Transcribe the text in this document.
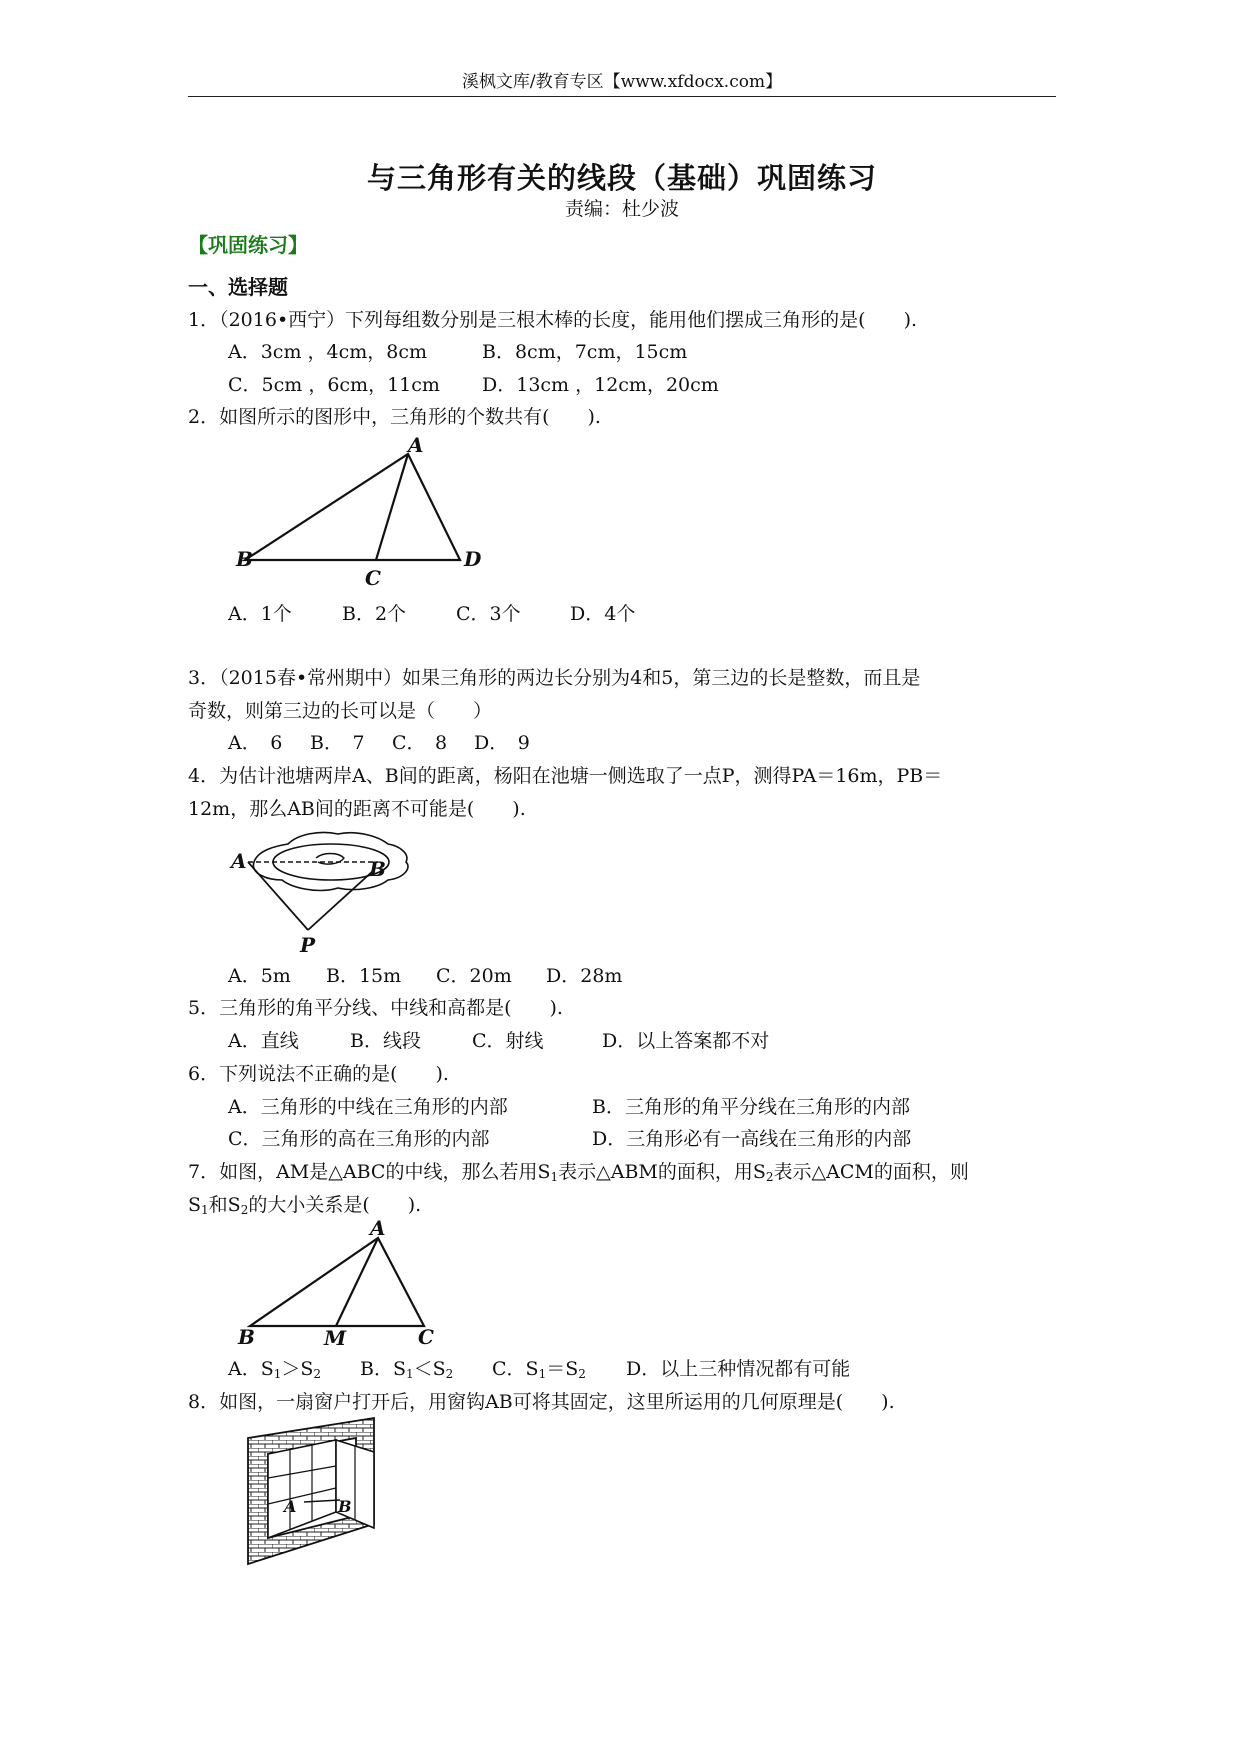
溪枫文库/教育专区【www.xfdocx.com】
与三角形有关的线段（基础）巩固练习
责编：杜少波
【巩固练习】
一、选择题
1．（2016•西宁）下列每组数分别是三根木棒的长度，能用他们摆成三角形的是(　　).
A．3cm ，4cm，8cm	B．8cm，7cm，15cm
C．5cm ，6cm，11cm D．13cm ，12cm，20cm
2．如图所示的图形中，三角形的个数共有(　　).
A
B
C
D
A．1个	B．2个	C．3个	D．4个
3．（2015春•常州期中）如果三角形的两边长分别为4和5，第三边的长是整数，而且是
奇数，则第三边的长可以是（　　）
A．　6 B．　7 C．　8 D．　9
4．为估计池塘两岸A、B间的距离，杨阳在池塘一侧选取了一点P，测得PA＝16m，PB＝
12m，那么AB间的距离不可能是(　　).
A	B
P
A．5m B．15m C．20m D．28m
5．三角形的角平分线、中线和高都是(　　).
A．直线	B．线段	C．射线	D．以上答案都不对
6．下列说法不正确的是(　　).
A．三角形的中线在三角形的内部	B．三角形的角平分线在三角形的内部
C．三角形的高在三角形的内部	D．三角形必有一高线在三角形的内部
7．如图，AM是△ABC的中线，那么若用$S_1$表示△ABM的面积，用$S_2$表示△ACM的面积，则
$S_1$和$S_2$的大小关系是(　　).
A
B	M	C
A．$S_1>S_2$ B．$S_1<S_2$ C．$S_1=S_2$ D．以上三种情况都有可能
8．如图，一扇窗户打开后，用窗钩AB可将其固定，这里所运用的几何原理是(　　).
A	B
